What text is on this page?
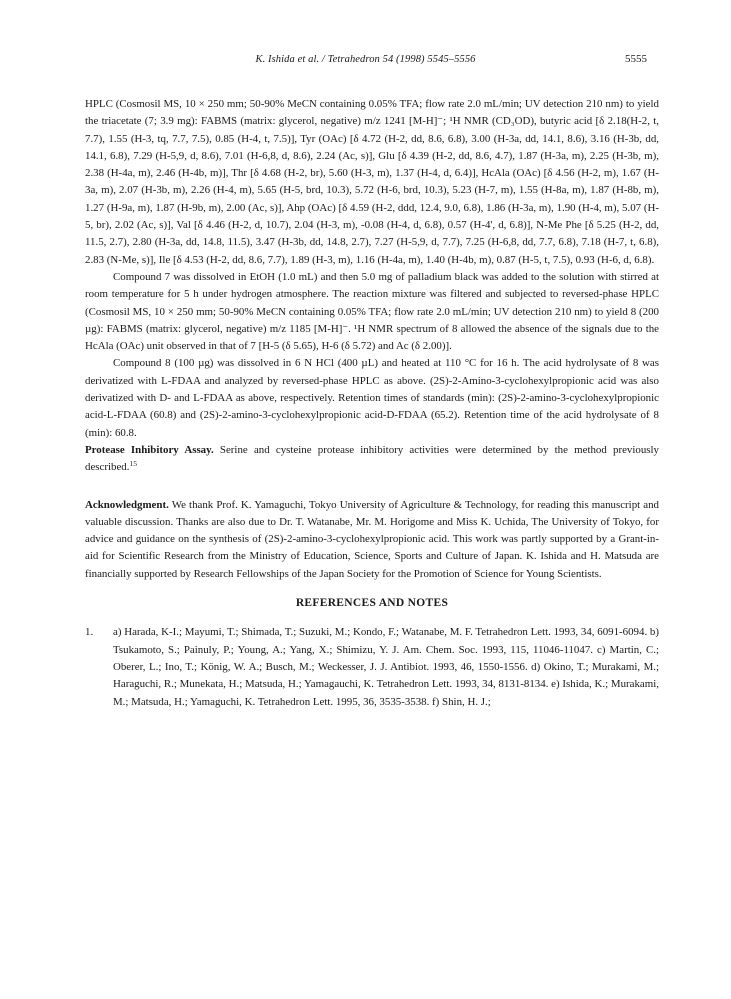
K. Ishida et al. / Tetrahedron 54 (1998) 5545–5556	5555

HPLC (Cosmosil MS, 10 × 250 mm; 50-90% MeCN containing 0.05% TFA; flow rate 2.0 mL/min; UV detection 210 nm) to yield the triacetate (7; 3.9 mg): FABMS (matrix: glycerol, negative) m/z 1241 [M-H]⁻; ¹H NMR (CD₃OD), butyric acid [δ 2.18(H-2, t, 7.7), 1.55 (H-3, tq, 7.7, 7.5), 0.85 (H-4, t, 7.5)], Tyr (OAc) [δ 4.72 (H-2, dd, 8.6, 6.8), 3.00 (H-3a, dd, 14.1, 8.6), 3.16 (H-3b, dd, 14.1, 6.8), 7.29 (H-5,9, d, 8.6), 7.01 (H-6,8, d, 8.6), 2.24 (Ac, s)], Glu [δ 4.39 (H-2, dd, 8.6, 4.7), 1.87 (H-3a, m), 2.25 (H-3b, m), 2.38 (H-4a, m), 2.46 (H-4b, m)], Thr [δ 4.68 (H-2, br), 5.60 (H-3, m), 1.37 (H-4, d, 6.4)], HcAla (OAc) [δ 4.56 (H-2, m), 1.67 (H-3a, m), 2.07 (H-3b, m), 2.26 (H-4, m), 5.65 (H-5, brd, 10.3), 5.72 (H-6, brd, 10.3), 5.23 (H-7, m), 1.55 (H-8a, m), 1.87 (H-8b, m), 1.27 (H-9a, m), 1.87 (H-9b, m), 2.00 (Ac, s)], Ahp (OAc) [δ 4.59 (H-2, ddd, 12.4, 9.0, 6.8), 1.86 (H-3a, m), 1.90 (H-4, m), 5.07 (H-5, br), 2.02 (Ac, s)], Val [δ 4.46 (H-2, d, 10.7), 2.04 (H-3, m), -0.08 (H-4, d, 6.8), 0.57 (H-4', d, 6.8)], N-Me Phe [δ 5.25 (H-2, dd, 11.5, 2.7), 2.80 (H-3a, dd, 14.8, 11.5), 3.47 (H-3b, dd, 14.8, 2.7), 7.27 (H-5,9, d, 7.7), 7.25 (H-6,8, dd, 7.7, 6.8), 7.18 (H-7, t, 6.8), 2.83 (N-Me, s)], Ile [δ 4.53 (H-2, dd, 8.6, 7.7), 1.89 (H-3, m), 1.16 (H-4a, m), 1.40 (H-4b, m), 0.87 (H-5, t, 7.5), 0.93 (H-6, d, 6.8).

Compound 7 was dissolved in EtOH (1.0 mL) and then 5.0 mg of palladium black was added to the solution with stirred at room temperature for 5 h under hydrogen atmosphere. The reaction mixture was filtered and subjected to reversed-phase HPLC (Cosmosil MS, 10 × 250 mm; 50-90% MeCN containing 0.05% TFA; flow rate 2.0 mL/min; UV detection 210 nm) to yield 8 (200 µg): FABMS (matrix: glycerol, negative) m/z 1185 [M-H]⁻. ¹H NMR spectrum of 8 allowed the absence of the signals due to the HcAla (OAc) unit observed in that of 7 [H-5 (δ 5.65), H-6 (δ 5.72) and Ac (δ 2.00)].

Compound 8 (100 µg) was dissolved in 6 N HCl (400 µL) and heated at 110 °C for 16 h. The acid hydrolysate of 8 was derivatized with L-FDAA and analyzed by reversed-phase HPLC as above. (2S)-2-Amino-3-cyclohexylpropionic acid was also derivatized with D- and L-FDAA as above, respectively. Retention times of standards (min): (2S)-2-amino-3-cyclohexylpropionic acid-L-FDAA (60.8) and (2S)-2-amino-3-cyclohexylpropionic acid-D-FDAA (65.2). Retention time of the acid hydrolysate of 8 (min): 60.8.

Protease Inhibitory Assay. Serine and cysteine protease inhibitory activities were determined by the method previously described.$^{15}$

Acknowledgment. We thank Prof. K. Yamaguchi, Tokyo University of Agriculture & Technology, for reading this manuscript and valuable discussion. Thanks are also due to Dr. T. Watanabe, Mr. M. Horigome and Miss K. Uchida, The University of Tokyo, for advice and guidance on the synthesis of (2S)-2-amino-3-cyclohexylpropionic acid. This work was partly supported by a Grant-in-aid for Scientific Research from the Ministry of Education, Science, Sports and Culture of Japan. K. Ishida and H. Matsuda are financially supported by Research Fellowships of the Japan Society for the Promotion of Science for Young Scientists.

REFERENCES AND NOTES

1.	a) Harada, K-I.; Mayumi, T.; Shimada, T.; Suzuki, M.; Kondo, F.; Watanabe, M. F. Tetrahedron Lett. 1993, 34, 6091-6094. b) Tsukamoto, S.; Painuly, P.; Young, A.; Yang, X.; Shimizu, Y. J. Am. Chem. Soc. 1993, 115, 11046-11047. c) Martin, C.; Oberer, L.; Ino, T.; König, W. A.; Busch, M.; Weckesser, J. J. Antibiot. 1993, 46, 1550-1556. d) Okino, T.; Murakami, M.; Haraguchi, R.; Munekata, H.; Matsuda, H.; Yamagauchi, K. Tetrahedron Lett. 1993, 34, 8131-8134. e) Ishida, K.; Murakami, M.; Matsuda, H.; Yamaguchi, K. Tetrahedron Lett. 1995, 36, 3535-3538. f) Shin, H. J.;
